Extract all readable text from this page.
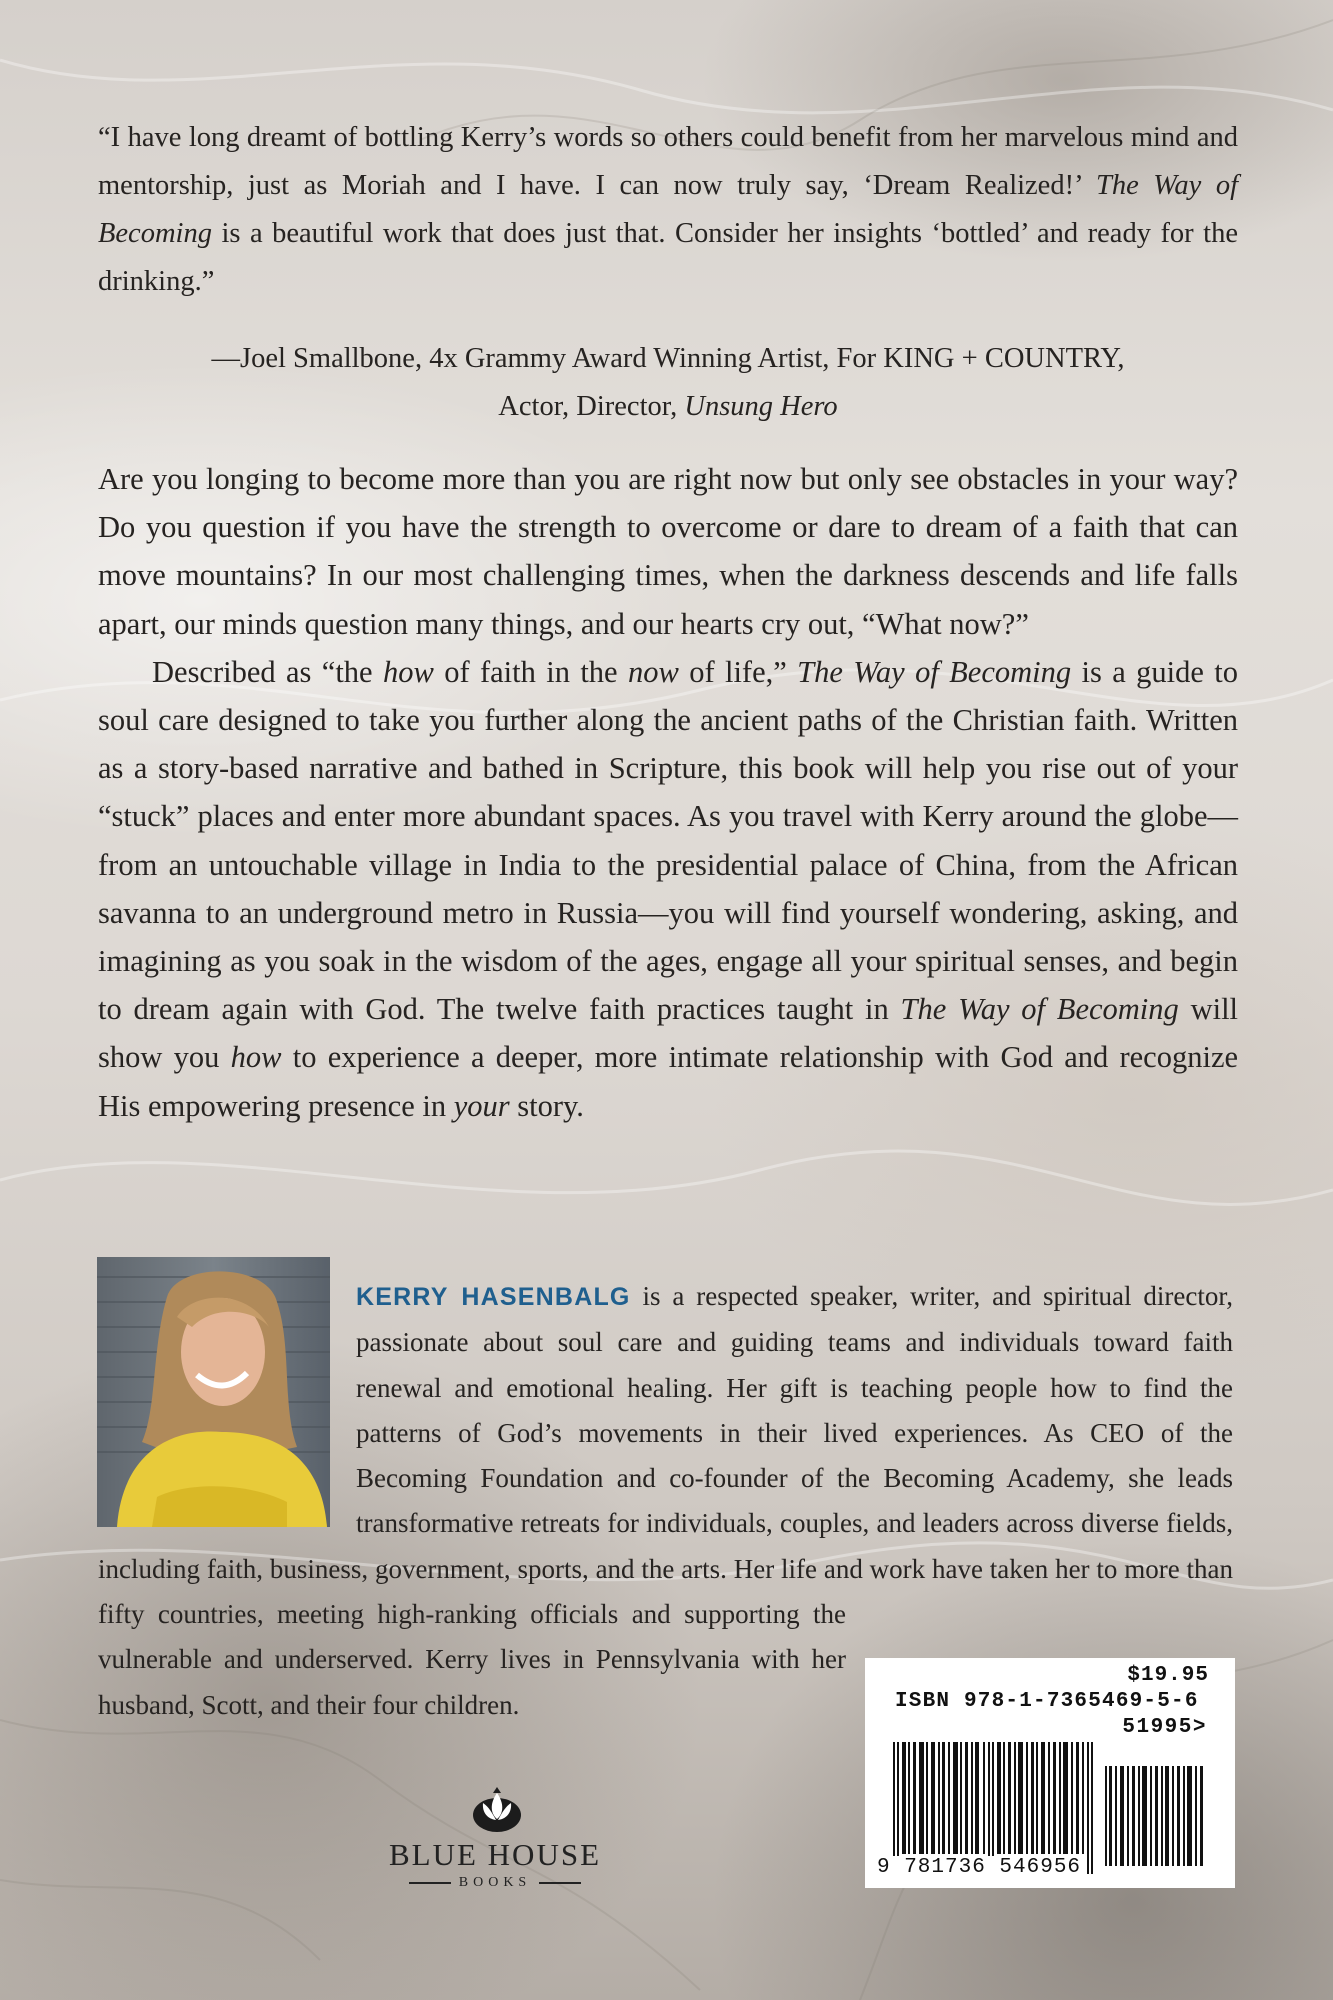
“I have long dreamt of bottling Kerry’s words so others could benefit from her marvelous mind and mentorship, just as Moriah and I have. I can now truly say, ‘Dream Realized!’ The Way of Becoming is a beautiful work that does just that. Consider her insights ‘bottled’ and ready for the drinking.”

—Joel Smallbone, 4x Grammy Award Winning Artist, For KING + COUNTRY,
Actor, Director, Unsung Hero

Are you longing to become more than you are right now but only see obstacles in your way? Do you question if you have the strength to overcome or dare to dream of a faith that can move mountains? In our most challenging times, when the darkness descends and life falls apart, our minds question many things, and our hearts cry out, “What now?”

Described as “the how of faith in the now of life,” The Way of Becoming is a guide to soul care designed to take you further along the ancient paths of the Christian faith. Written as a story-based narrative and bathed in Scripture, this book will help you rise out of your “stuck” places and enter more abundant spaces. As you travel with Kerry around the globe—from an untouchable village in India to the presidential palace of China, from the African savanna to an underground metro in Russia—you will find yourself wondering, asking, and imagining as you soak in the wisdom of the ages, engage all your spiritual senses, and begin to dream again with God. The twelve faith practices taught in The Way of Becoming will show you how to experience a deeper, more intimate relationship with God and recognize His empowering presence in your story.

KERRY HASENBALG is a respected speaker, writer, and spiritual director, passionate about soul care and guiding teams and individuals toward faith renewal and emotional healing. Her gift is teaching people how to find the patterns of God’s movements in their lived experiences. As CEO of the Becoming Foundation and co-founder of the Becoming Academy, she leads transformative retreats for individuals, couples, and leaders across diverse fields, including faith, business, government, sports, and the arts. Her life and work have taken her to more than fifty countries, meeting high-ranking officials and supporting the vulnerable and underserved. Kerry lives in Pennsylvania with her husband, Scott, and their four children.

$19.95
ISBN 978-1-7365469-5-6
51995>
9 781736 546956
BLUE HOUSE
BOOKS
